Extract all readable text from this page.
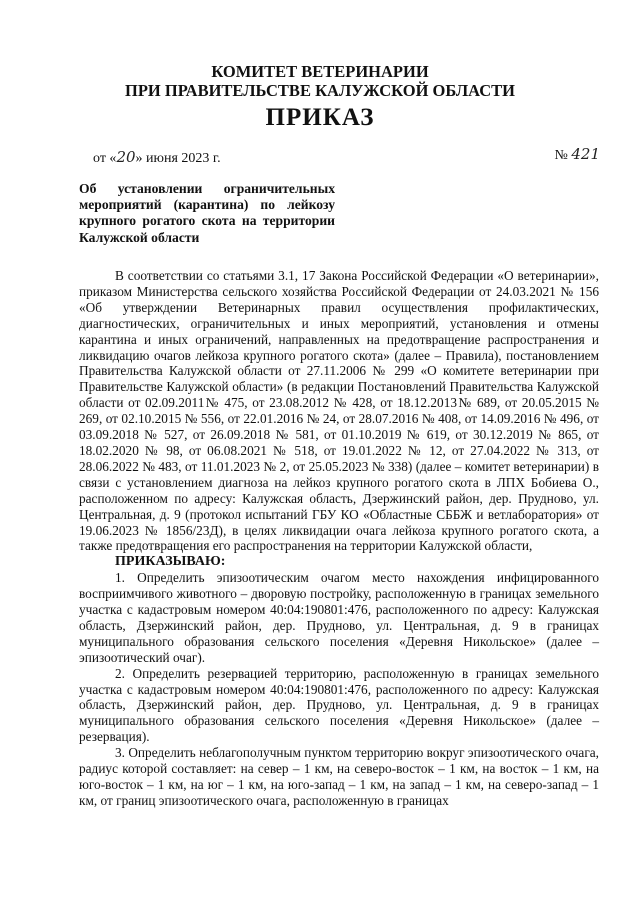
КОМИТЕТ ВЕТЕРИНАРИИ
ПРИ ПРАВИТЕЛЬСТВЕ КАЛУЖСКОЙ ОБЛАСТИ
ПРИКАЗ
от «20» июня 2023 г.	№ 421
Об установлении ограничительных мероприятий (карантина) по лейкозу крупного рогатого скота на территории Калужской области

В соответствии со статьями 3.1, 17 Закона Российской Федерации «О ветеринарии», приказом Министерства сельского хозяйства Российской Федерации от 24.03.2021 № 156 «Об утверждении Ветеринарных правил осуществления профилактических, диагностических, ограничительных и иных мероприятий, установления и отмены карантина и иных ограничений, направленных на предотвращение распространения и ликвидацию очагов лейкоза крупного рогатого скота» (далее – Правила), постановлением Правительства Калужской области от 27.11.2006 № 299 «О комитете ветеринарии при Правительстве Калужской области» (в редакции Постановлений Правительства Калужской области от 02.09.2011№ 475, от 23.08.2012 № 428, от 18.12.2013№ 689, от 20.05.2015 № 269, от 02.10.2015 № 556, от 22.01.2016 № 24, от 28.07.2016 № 408, от 14.09.2016 № 496, от 03.09.2018 № 527, от 26.09.2018 № 581, от 01.10.2019 № 619, от 30.12.2019 № 865, от 18.02.2020 № 98, от 06.08.2021 № 518, от 19.01.2022 № 12, от 27.04.2022 № 313, от 28.06.2022 № 483, от 11.01.2023 № 2, от 25.05.2023 № 338) (далее – комитет ветеринарии) в связи с установлением диагноза на лейкоз крупного рогатого скота в ЛПХ Бобиева О., расположенном по адресу: Калужская область, Дзержинский район, дер. Прудново, ул. Центральная, д. 9 (протокол испытаний ГБУ КО «Областные СББЖ и ветлаборатория» от 19.06.2023 № 1856/23Д), в целях ликвидации очага лейкоза крупного рогатого скота, а также предотвращения его распространения на территории Калужской области,

ПРИКАЗЫВАЮ:

1. Определить эпизоотическим очагом место нахождения инфицированного восприимчивого животного – дворовую постройку, расположенную в границах земельного участка с кадастровым номером 40:04:190801:476, расположенного по адресу: Калужская область, Дзержинский район, дер. Прудново, ул. Центральная, д. 9 в границах муниципального образования сельского поселения «Деревня Никольское» (далее – эпизоотический очаг).

2. Определить резервацией территорию, расположенную в границах земельного участка с кадастровым номером 40:04:190801:476, расположенного по адресу: Калужская область, Дзержинский район, дер. Прудново, ул. Центральная, д. 9 в границах муниципального образования сельского поселения «Деревня Никольское» (далее – резервация).

3. Определить неблагополучным пунктом территорию вокруг эпизоотического очага, радиус которой составляет: на север – 1 км, на северо-восток – 1 км, на восток – 1 км, на юго-восток – 1 км, на юг – 1 км, на юго-запад – 1 км, на запад – 1 км, на северо-запад – 1 км, от границ эпизоотического очага, расположенную в границах
